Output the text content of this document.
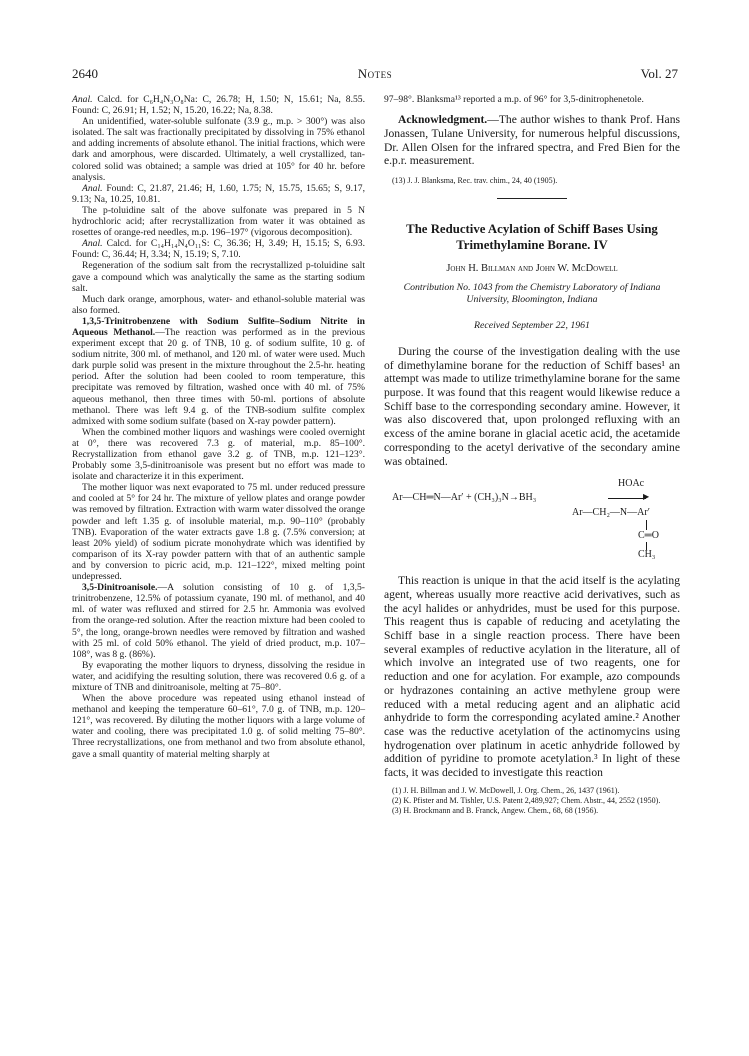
2640	Notes	Vol. 27

Anal. Calcd. for C₆H₄N₃O₈Na: C, 26.78; H, 1.50; N, 15.61; Na, 8.55. Found: C, 26.91; H, 1.52; N, 15.20, 16.22; Na, 8.38.

An unidentified, water-soluble sulfonate (3.9 g., m.p. > 300°) was also isolated. The salt was fractionally precipitated by dissolving in 75% ethanol and adding increments of absolute ethanol. The initial fractions, which were dark and amorphous, were discarded. Ultimately, a well crystallized, tan-colored solid was obtained; a sample was dried at 105° for 40 hr. before analysis.

Anal. Found: C, 21.87, 21.46; H, 1.60, 1.75; N, 15.75, 15.65; S, 9.17, 9.13; Na, 10.25, 10.81.

The p-toluidine salt of the above sulfonate was prepared in 5 N hydrochloric acid; after recrystallization from water it was obtained as rosettes of orange-red needles, m.p. 196–197° (vigorous decomposition).

Anal. Calcd. for C₁₄H₁₄N₄O₁₁S: C, 36.36; H, 3.49; H, 15.15; S, 6.93. Found: C, 36.44; H, 3.34; N, 15.19; S, 7.10.

Regeneration of the sodium salt from the recrystallized p-toluidine salt gave a compound which was analytically the same as the starting sodium salt.

Much dark orange, amorphous, water- and ethanol-soluble material was also formed.

1,3,5-Trinitrobenzene with Sodium Sulfite–Sodium Nitrite in Aqueous Methanol.—The reaction was performed as in the previous experiment except that 20 g. of TNB, 10 g. of sodium sulfite, 10 g. of sodium nitrite, 300 ml. of methanol, and 120 ml. of water were used. Much dark purple solid was present in the mixture throughout the 2.5-hr. heating period. After the solution had been cooled to room temperature, this precipitate was removed by filtration, washed once with 40 ml. of 75% aqueous methanol, then three times with 50-ml. portions of absolute methanol. There was left 9.4 g. of the TNB-sodium sulfite complex admixed with some sodium sulfate (based on X-ray powder pattern).

When the combined mother liquors and washings were cooled overnight at 0°, there was recovered 7.3 g. of material, m.p. 85–100°. Recrystallization from ethanol gave 3.2 g. of TNB, m.p. 121–123°. Probably some 3,5-dinitroanisole was present but no effort was made to isolate and characterize it in this experiment.

The mother liquor was next evaporated to 75 ml. under reduced pressure and cooled at 5° for 24 hr. The mixture of yellow plates and orange powder was removed by filtration. Extraction with warm water dissolved the orange powder and left 1.35 g. of insoluble material, m.p. 90–110° (probably TNB). Evaporation of the water extracts gave 1.8 g. (7.5% conversion; at least 20% yield) of sodium picrate monohydrate which was identified by comparison of its X-ray powder pattern with that of an authentic sample and by conversion to picric acid, m.p. 121–122°, mixed melting point undepressed.

3,5-Dinitroanisole.—A solution consisting of 10 g. of 1,3,5-trinitrobenzene, 12.5% of potassium cyanate, 190 ml. of methanol, and 40 ml. of water was refluxed and stirred for 2.5 hr. Ammonia was evolved from the orange-red solution. After the reaction mixture had been cooled to 5°, the long, orange-brown needles were removed by filtration and washed with 25 ml. of cold 50% ethanol. The yield of dried product, m.p. 107–108°, was 8 g. (86%).

By evaporating the mother liquors to dryness, dissolving the residue in water, and acidifying the resulting solution, there was recovered 0.6 g. of a mixture of TNB and dinitroanisole, melting at 75–80°.

When the above procedure was repeated using ethanol instead of methanol and keeping the temperature 60–61°, 7.0 g. of TNB, m.p. 120–121°, was recovered. By diluting the mother liquors with a large volume of water and cooling, there was precipitated 1.0 g. of solid melting 75–80°. Three recrystallizations, one from methanol and two from absolute ethanol, gave a small quantity of material melting sharply at

97–98°. Blanksma¹³ reported a m.p. of 96° for 3,5-dinitrophenetole.

Acknowledgment.—The author wishes to thank Prof. Hans Jonassen, Tulane University, for numerous helpful discussions, Dr. Allen Olsen for the infrared spectra, and Fred Bien for the e.p.r. measurement.

(13) J. J. Blanksma, Rec. trav. chim., 24, 40 (1905).

The Reductive Acylation of Schiff Bases Using Trimethylamine Borane. IV
John H. Billman and John W. McDowell
Contribution No. 1043 from the Chemistry Laboratory of Indiana University, Bloomington, Indiana
Received September 22, 1961

During the course of the investigation dealing with the use of dimethylamine borane for the reduction of Schiff bases¹ an attempt was made to utilize trimethylamine borane for the same purpose. It was found that this reagent would likewise reduce a Schiff base to the corresponding secondary amine. However, it was also discovered that, upon prolonged refluxing with an excess of the amine borane in glacial acetic acid, the acetamide corresponding to the acetyl derivative of the secondary amine was obtained.

Ar—CH═N—Ar′ + (CH₃)₃N→BH₃
HOAc
▶
Ar—CH₂—N—Ar′
C═O
CH₃

This reaction is unique in that the acid itself is the acylating agent, whereas usually more reactive acid derivatives, such as the acyl halides or anhydrides, must be used for this purpose. This reagent thus is capable of reducing and acetylating the Schiff base in a single reaction process. There have been several examples of reductive acylation in the literature, all of which involve an integrated use of two reagents, one for reduction and one for acylation. For example, azo compounds or hydrazones containing an active methylene group were reduced with a metal reducing agent and an aliphatic acid anhydride to form the corresponding acylated amine.² Another case was the reductive acetylation of the actinomycins using hydrogenation over platinum in acetic anhydride followed by addition of pyridine to promote acetylation.³ In light of these facts, it was decided to investigate this reaction

(1) J. H. Billman and J. W. McDowell, J. Org. Chem., 26, 1437 (1961).

(2) K. Pfister and M. Tishler, U.S. Patent 2,489,927; Chem. Abstr., 44, 2552 (1950).

(3) H. Brockmann and B. Franck, Angew. Chem., 68, 68 (1956).
